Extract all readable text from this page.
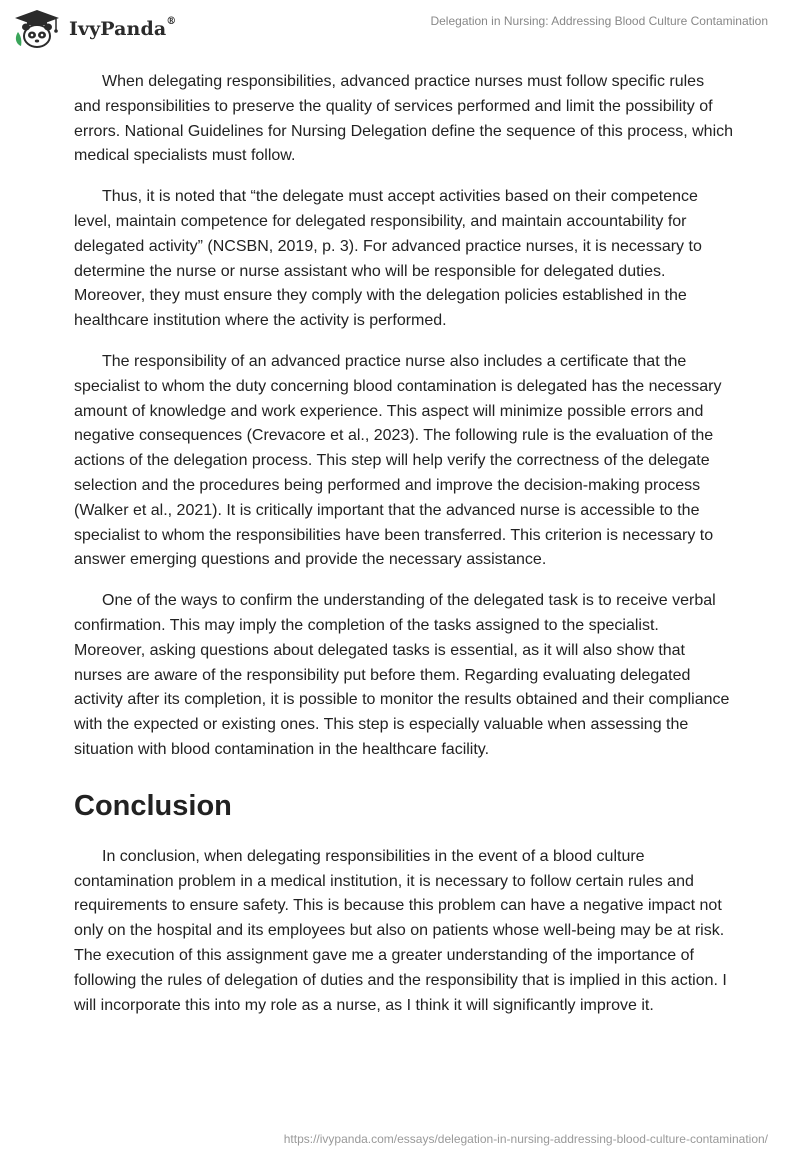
IvyPanda®	Delegation in Nursing: Addressing Blood Culture Contamination

When delegating responsibilities, advanced practice nurses must follow specific rules and responsibilities to preserve the quality of services performed and limit the possibility of errors. National Guidelines for Nursing Delegation define the sequence of this process, which medical specialists must follow.

Thus, it is noted that “the delegate must accept activities based on their competence level, maintain competence for delegated responsibility, and maintain accountability for delegated activity” (NCSBN, 2019, p. 3). For advanced practice nurses, it is necessary to determine the nurse or nurse assistant who will be responsible for delegated duties. Moreover, they must ensure they comply with the delegation policies established in the healthcare institution where the activity is performed.

The responsibility of an advanced practice nurse also includes a certificate that the specialist to whom the duty concerning blood contamination is delegated has the necessary amount of knowledge and work experience. This aspect will minimize possible errors and negative consequences (Crevacore et al., 2023). The following rule is the evaluation of the actions of the delegation process. This step will help verify the correctness of the delegate selection and the procedures being performed and improve the decision-making process (Walker et al., 2021). It is critically important that the advanced nurse is accessible to the specialist to whom the responsibilities have been transferred. This criterion is necessary to answer emerging questions and provide the necessary assistance.

One of the ways to confirm the understanding of the delegated task is to receive verbal confirmation. This may imply the completion of the tasks assigned to the specialist. Moreover, asking questions about delegated tasks is essential, as it will also show that nurses are aware of the responsibility put before them. Regarding evaluating delegated activity after its completion, it is possible to monitor the results obtained and their compliance with the expected or existing ones. This step is especially valuable when assessing the situation with blood contamination in the healthcare facility.

Conclusion

In conclusion, when delegating responsibilities in the event of a blood culture contamination problem in a medical institution, it is necessary to follow certain rules and requirements to ensure safety. This is because this problem can have a negative impact not only on the hospital and its employees but also on patients whose well-being may be at risk. The execution of this assignment gave me a greater understanding of the importance of following the rules of delegation of duties and the responsibility that is implied in this action. I will incorporate this into my role as a nurse, as I think it will significantly improve it.

https://ivypanda.com/essays/delegation-in-nursing-addressing-blood-culture-contamination/
